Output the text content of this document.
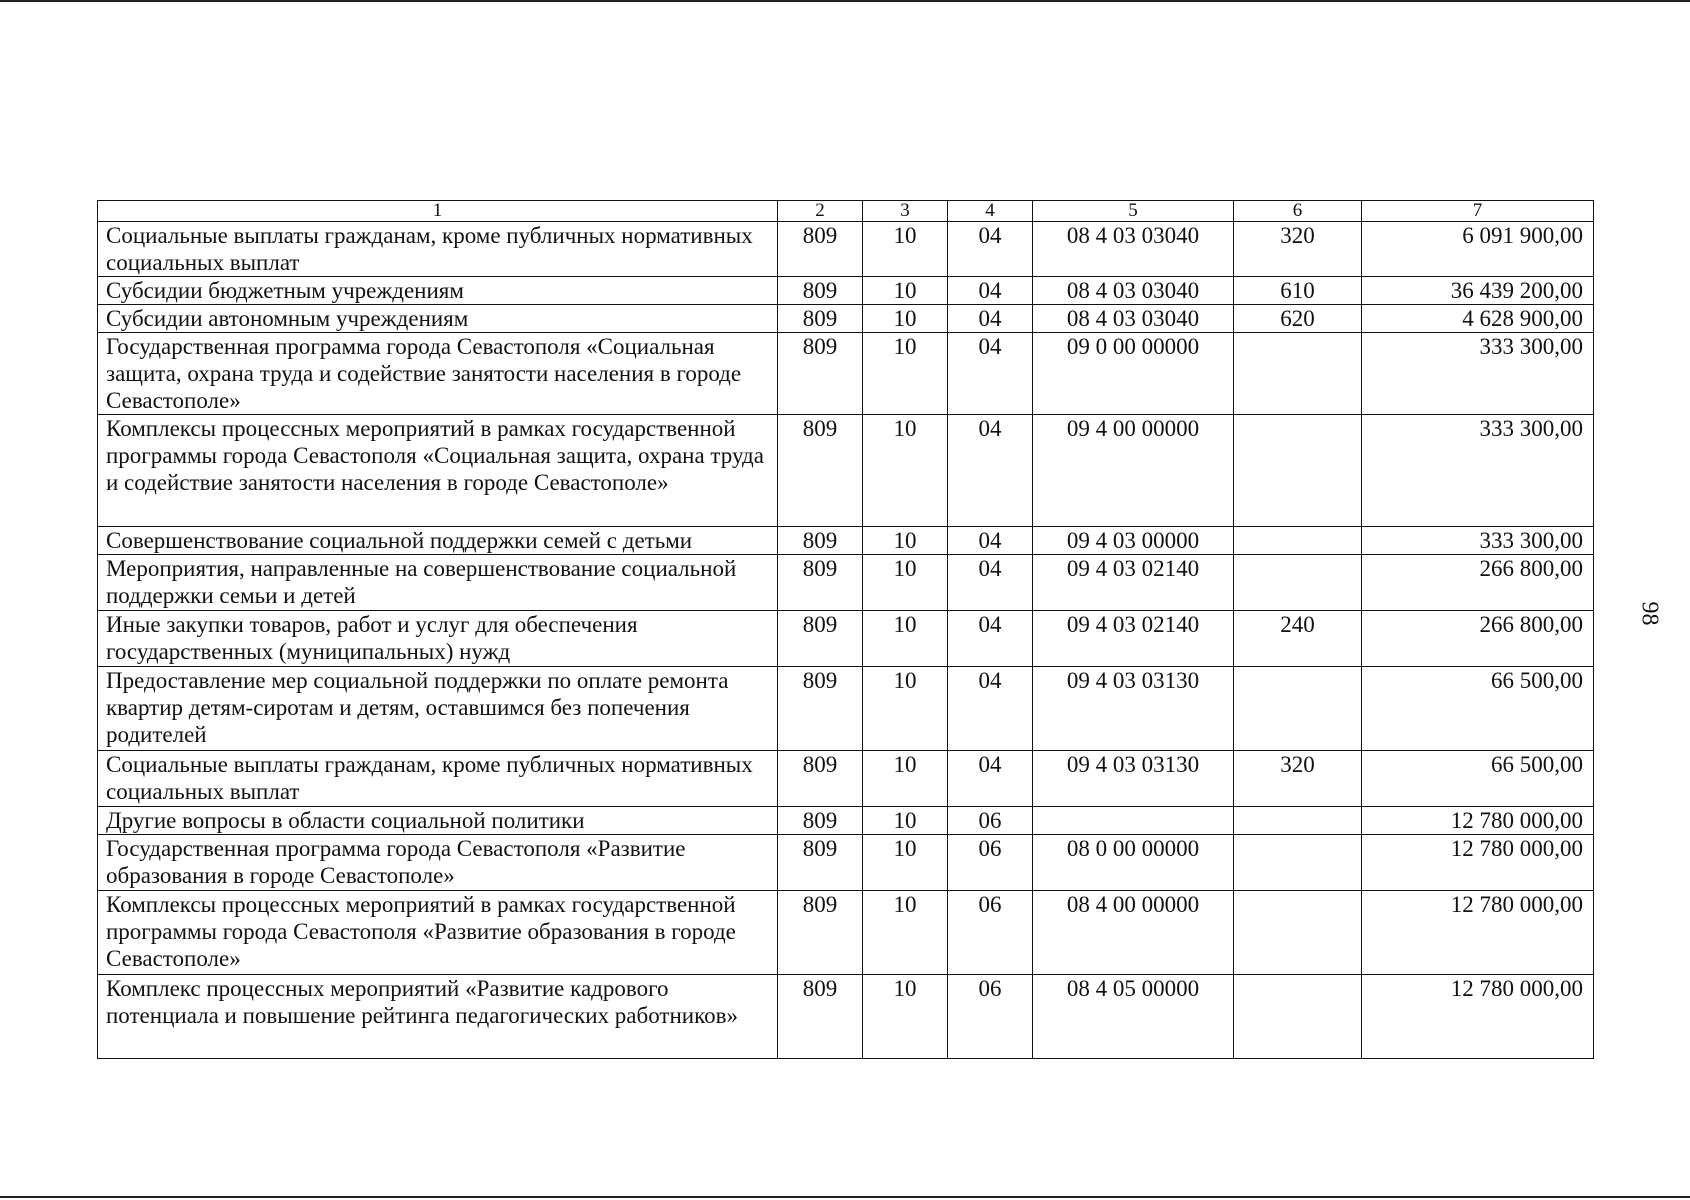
1	2	3	4	5	6	7
Социальные выплаты гражданам, кроме публичных нормативных социальных выплат	809	10	04	08 4 03 03040	320	6 091 900,00
Субсидии бюджетным учреждениям	809	10	04	08 4 03 03040	610	36 439 200,00
Субсидии автономным учреждениям	809	10	04	08 4 03 03040	620	4 628 900,00
Государственная программа города Севастополя «Социальная защита, охрана труда и содействие занятости населения в городе Севастополе»	809	10	04	09 0 00 00000		333 300,00
Комплексы процессных мероприятий в рамках государственной программы города Севастополя «Социальная защита, охрана труда и содействие занятости населения в городе Севастополе»	809	10	04	09 4 00 00000		333 300,00
Совершенствование социальной поддержки семей с детьми	809	10	04	09 4 03 00000		333 300,00
Мероприятия, направленные на совершенствование социальной поддержки семьи и детей	809	10	04	09 4 03 02140		266 800,00
Иные закупки товаров, работ и услуг для обеспечения государственных (муниципальных) нужд	809	10	04	09 4 03 02140	240	266 800,00
Предоставление мер социальной поддержки по оплате ремонта квартир детям-сиротам и детям, оставшимся без попечения родителей	809	10	04	09 4 03 03130		66 500,00
Социальные выплаты гражданам, кроме публичных нормативных социальных выплат	809	10	04	09 4 03 03130	320	66 500,00
Другие вопросы в области социальной политики	809	10	06			12 780 000,00
Государственная программа города Севастополя «Развитие образования в городе Севастополе»	809	10	06	08 0 00 00000		12 780 000,00
Комплексы процессных мероприятий в рамках государственной программы города Севастополя «Развитие образования в городе Севастополе»	809	10	06	08 4 00 00000		12 780 000,00
Комплекс процессных мероприятий «Развитие кадрового потенциала и повышение рейтинга педагогических работников»	809	10	06	08 4 05 00000		12 780 000,00
98
